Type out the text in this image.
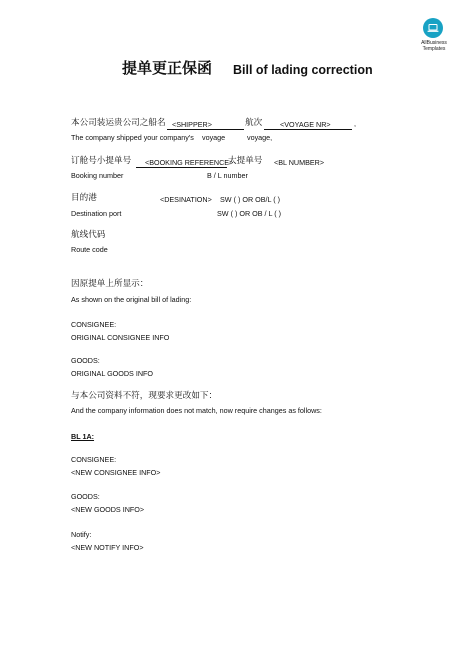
AllBusiness
Templates
提单更正保函 Bill of lading correction
本公司装运贵公司之船名 <SHIPPER>	航次 <VOYAGE NR>	,
The company shipped your company's voyage	voyage,
订舱号小提单号 <BOOKING REFERENCE>
大提单号 <BL NUMBER>
Booking number	B / L number
目的港	<DESINATION> SW ( ) OR OB/L ( )
Destination port	SW ( ) OR OB / L ( )
航线代码
Route code
因原提单上所显示：
As shown on the original bill of lading:
CONSIGNEE:
ORIGINAL CONSIGNEE INFO
GOODS:
ORIGINAL GOODS INFO
与本公司资料不符，现要求更改如下：
And the company information does not match, now require changes as follows:
BL 1A:
CONSIGNEE:
<NEW CONSIGNEE INFO>
GOODS:
<NEW GOODS INFO>
Notify:
<NEW NOTIFY INFO>
